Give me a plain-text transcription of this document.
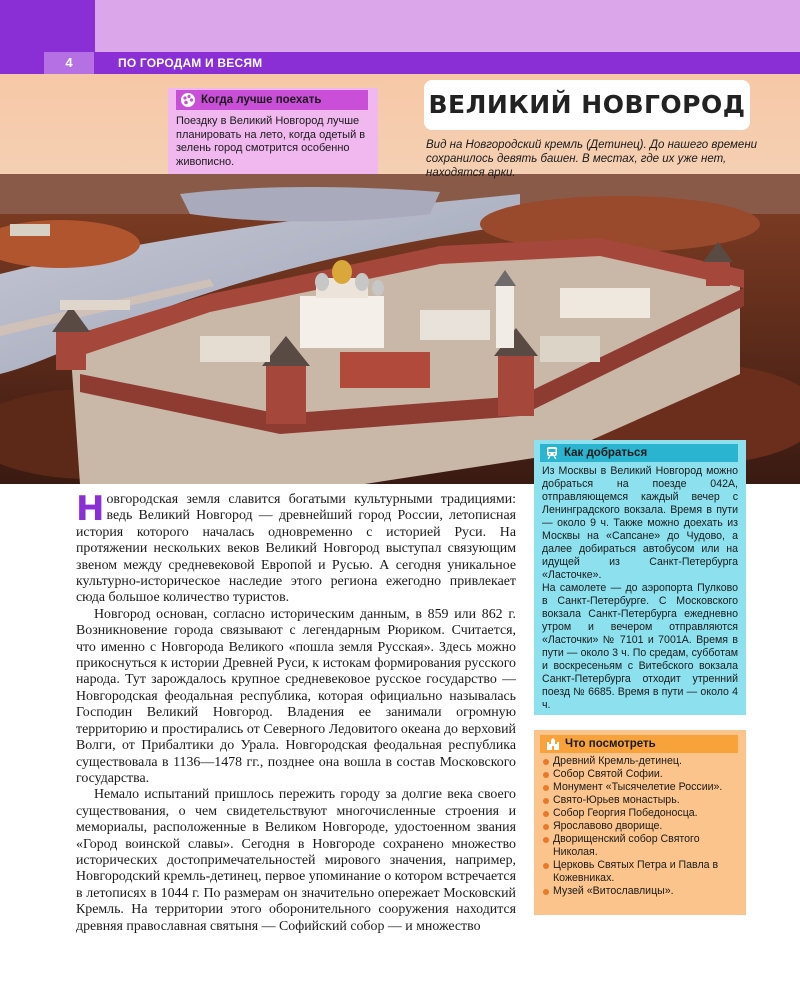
4	ПО ГОРОДАМ И ВЕСЯМ
Когда лучше поехать
Поездку в Великий Новгород лучше планировать на лето, когда одетый в зелень город смотрится особенно живописно.
ВЕЛИКИЙ НОВГОРОД
Вид на Новгородский кремль (Детинец). До нашего времени сохранилось девять башен. В местах, где их уже нет, находятся арки.

Новгородская земля славится богатыми культурными традициями: ведь Великий Новгород — древнейший город России, летописная история которого началась одновременно с историей Руси. На протяжении нескольких веков Великий Новгород выступал связующим звеном между средневековой Европой и Русью. А сегодня уникальное культурно-историческое наследие этого региона ежегодно привлекает сюда большое количество туристов.

Новгород основан, согласно историческим данным, в 859 или 862 г. Возникновение города связывают с легендарным Рюриком. Считается, что именно с Новгорода Великого «пошла земля Русская». Здесь можно прикоснуться к истории Древней Руси, к истокам формирования русского народа. Тут зарождалось крупное средневековое русское государство — Новгородская феодальная республика, которая официально называлась Господин Великий Новгород. Владения ее занимали огромную территорию и простирались от Северного Ледовитого океана до верховий Волги, от Прибалтики до Урала. Новгородская феодальная республика существовала в 1136—1478 гг., позднее она вошла в состав Московского государства.

Немало испытаний пришлось пережить городу за долгие века своего существования, о чем свидетельствуют многочисленные строения и мемориалы, расположенные в Великом Новгороде, удостоенном звания «Город воинской славы». Сегодня в Новгороде сохранено множество исторических достопримечательностей мирового значения, например, Новгородский кремль-детинец, первое упоминание о котором встречается в летописях в 1044 г. По размерам он значительно опережает Московский Кремль. На территории этого оборонительного сооружения находится древняя православная святыня — Софийский собор — и множество

Как добраться
Из Москвы в Великий Новгород можно добраться на поезде 042А, отправляющемся каждый вечер с Ленинградского вокзала. Время в пути — около 9 ч. Также можно доехать из Москвы на «Сапсане» до Чудово, а далее добираться автобусом или на идущей из Санкт-Петербурга «Ласточке».
На самолете — до аэропорта Пулково в Санкт-Петербурге. С Московского вокзала Санкт-Петербурга ежедневно утром и вечером отправляются «Ласточки» № 7101 и 7001А. Время в пути — около 3 ч. По средам, субботам и воскресеньям с Витебского вокзала Санкт-Петербурга отходит утренний поезд № 6685. Время в пути — около 4 ч.
Что посмотреть
Древний Кремль-детинец.
Собор Святой Софии.
Монумент «Тысячелетие России».
Свято-Юрьев монастырь.
Собор Георгия Победоносца.
Ярославово дворище.
Дворищенский собор Святого Николая.
Церковь Святых Петра и Павла в Кожевниках.
Музей «Витославлицы».
